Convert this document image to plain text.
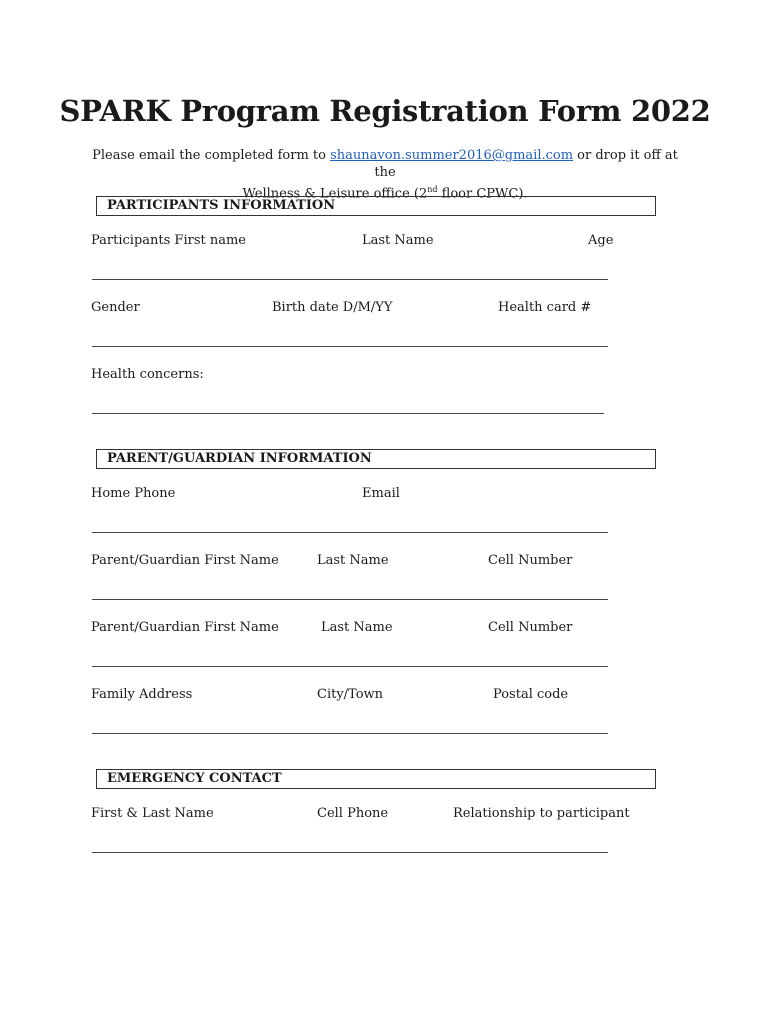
SPARK Program Registration Form 2022
Please email the completed form to shaunavon.summer2016@gmail.com or drop it off at the
Wellness & Leisure office (2nd floor CPWC).
PARTICIPANTS INFORMATION
Participants First name	Last Name	Age
Gender	Birth date D/M/YY	Health card #
Health concerns:
PARENT/GUARDIAN INFORMATION
Home Phone	Email
Parent/Guardian First Name	Last Name	Cell Number
Parent/Guardian First Name	Last Name	Cell Number
Family Address	City/Town	Postal code
EMERGENCY CONTACT
First & Last Name	Cell Phone	Relationship to participant
